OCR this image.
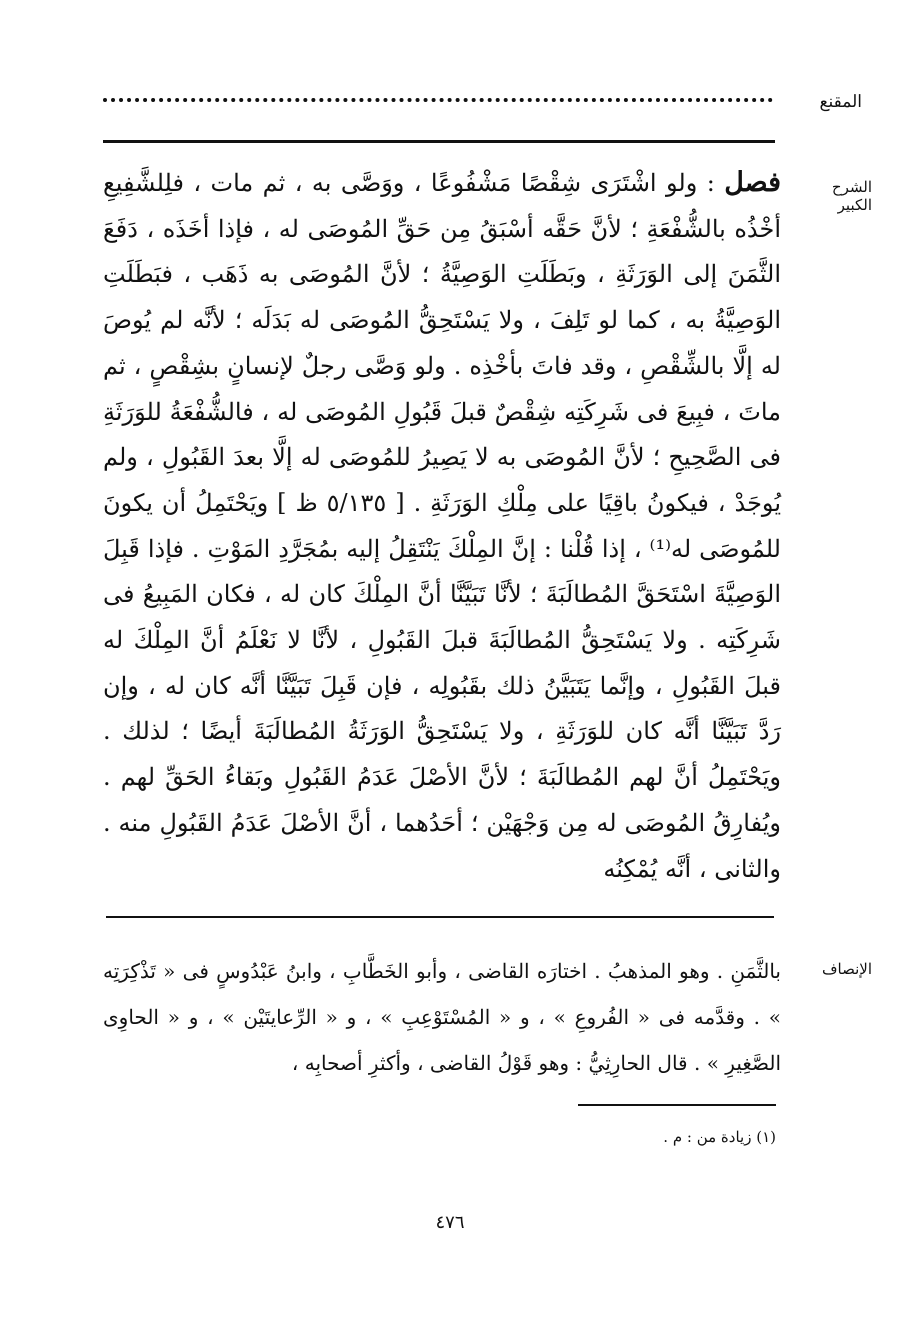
المقنع
الشرح الكبير

فصل : ولو اشْتَرَى شِقْصًا مَشْفُوعًا ، ووَصَّى به ، ثم مات ، فلِلشَّفِيعِ أخْذُه بالشُّفْعَةِ ؛ لأنَّ حَقَّه أسْبَقُ مِن حَقِّ المُوصَى له ، فإذا أخَذَه ، دَفَعَ الثَّمَنَ إلى الوَرَثَةِ ، وبَطَلَتِ الوَصِيَّةُ ؛ لأنَّ المُوصَى به ذَهَب ، فبَطَلَتِ الوَصِيَّةُ به ، كما لو تَلِفَ ، ولا يَسْتَحِقُّ المُوصَى له بَدَلَه ؛ لأنَّه لم يُوصَ له إلَّا بالشِّقْصِ ، وقد فاتَ بأخْذِه . ولو وَصَّى رجلٌ لإنسانٍ بشِقْصٍ ، ثم ماتَ ، فبِيعَ فى شَرِكَتِه شِقْصٌ قبلَ قَبُولِ المُوصَى له ، فالشُّفْعَةُ للوَرَثَةِ فى الصَّحِيحِ ؛ لأنَّ المُوصَى به لا يَصِيرُ للمُوصَى له إلَّا بعدَ القَبُولِ ، ولم يُوجَدْ ، فيكونُ باقِيًا على مِلْكِ الوَرَثَةِ . [ ٥/١٣٥ ظ ] ويَحْتَمِلُ أن يكونَ للمُوصَى له⁽¹⁾ ، إذا قُلْنا : إنَّ المِلْكَ يَنْتَقِلُ إليه بمُجَرَّدِ المَوْتِ . فإذا قَبِلَ الوَصِيَّةَ اسْتَحَقَّ المُطالَبَةَ ؛ لأنَّا تَبَيَّنَّا أنَّ المِلْكَ كان له ، فكان المَبِيعُ فى شَرِكَتِه . ولا يَسْتَحِقُّ المُطالَبَةَ قبلَ القَبُولِ ، لأنَّا لا نَعْلَمُ أنَّ المِلْكَ له قبلَ القَبُولِ ، وإنَّما يَتَبَيَّنُ ذلك بقَبُولِه ، فإن قَبِلَ تَبَيَّنَّا أنَّه كان له ، وإن رَدَّ تَبَيَّنَّا أنَّه كان للوَرَثَةِ ، ولا يَسْتَحِقُّ الوَرَثَةُ المُطالَبَةَ أيضًا ؛ لذلك . ويَحْتَمِلُ أنَّ لهم المُطالَبَةَ ؛ لأنَّ الأصْلَ عَدَمُ القَبُولِ وبَقاءُ الحَقِّ لهم . ويُفارِقُ المُوصَى له مِن وَجْهَيْن ؛ أحَدُهما ، أنَّ الأصْلَ عَدَمُ القَبُولِ منه . والثانى ، أنَّه يُمْكِنُه

الإنصاف

بالثَّمَنِ . وهو المذهبُ . اختارَه القاضى ، وأبو الخَطَّابِ ، وابنُ عَبْدُوسٍ فى « تَذْكِرَتِه » . وقدَّمه فى « الفُروعِ » ، و « المُسْتَوْعِبِ » ، و « الرِّعايتَيْن » ، و « الحاوِى الصَّغِيرِ » . قال الحارِثِيُّ : وهو قَوْلُ القاضى ، وأكثرِ أصحابِه ،

(١) زيادة من : م .
٤٧٦
